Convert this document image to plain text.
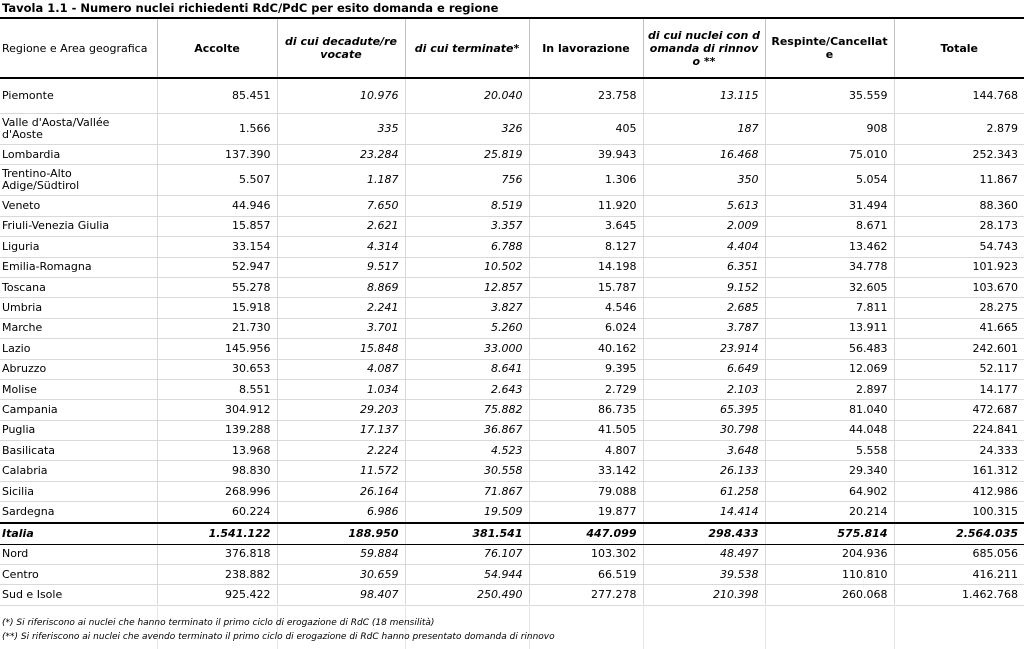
Tavola 1.1 - Numero nuclei richiedenti RdC/PdC per esito domanda e regione
Regione e Area geografica	Accolte	di cui decadute/revocate	di cui terminate*	In lavorazione	di cui nuclei con domanda di rinnovo **	Respinte/Cancellate	Totale
Piemonte	85.451	10.976	20.040	23.758	13.115	35.559	144.768
Valle d'Aosta/Vallée d'Aoste	1.566	335	326	405	187	908	2.879
Lombardia	137.390	23.284	25.819	39.943	16.468	75.010	252.343
Trentino-Alto Adige/Südtirol	5.507	1.187	756	1.306	350	5.054	11.867
Veneto	44.946	7.650	8.519	11.920	5.613	31.494	88.360
Friuli-Venezia Giulia	15.857	2.621	3.357	3.645	2.009	8.671	28.173
Liguria	33.154	4.314	6.788	8.127	4.404	13.462	54.743
Emilia-Romagna	52.947	9.517	10.502	14.198	6.351	34.778	101.923
Toscana	55.278	8.869	12.857	15.787	9.152	32.605	103.670
Umbria	15.918	2.241	3.827	4.546	2.685	7.811	28.275
Marche	21.730	3.701	5.260	6.024	3.787	13.911	41.665
Lazio	145.956	15.848	33.000	40.162	23.914	56.483	242.601
Abruzzo	30.653	4.087	8.641	9.395	6.649	12.069	52.117
Molise	8.551	1.034	2.643	2.729	2.103	2.897	14.177
Campania	304.912	29.203	75.882	86.735	65.395	81.040	472.687
Puglia	139.288	17.137	36.867	41.505	30.798	44.048	224.841
Basilicata	13.968	2.224	4.523	4.807	3.648	5.558	24.333
Calabria	98.830	11.572	30.558	33.142	26.133	29.340	161.312
Sicilia	268.996	26.164	71.867	79.088	61.258	64.902	412.986
Sardegna	60.224	6.986	19.509	19.877	14.414	20.214	100.315
Italia	1.541.122	188.950	381.541	447.099	298.433	575.814	2.564.035
Nord	376.818	59.884	76.107	103.302	48.497	204.936	685.056
Centro	238.882	30.659	54.944	66.519	39.538	110.810	416.211
Sud e Isole	925.422	98.407	250.490	277.278	210.398	260.068	1.462.768
(*) Si riferiscono ai nuclei che hanno terminato il primo ciclo di erogazione di RdC (18 mensilità)
(**) Si riferiscono ai nuclei che avendo terminato il primo ciclo di erogazione di RdC hanno presentato domanda di rinnovo
